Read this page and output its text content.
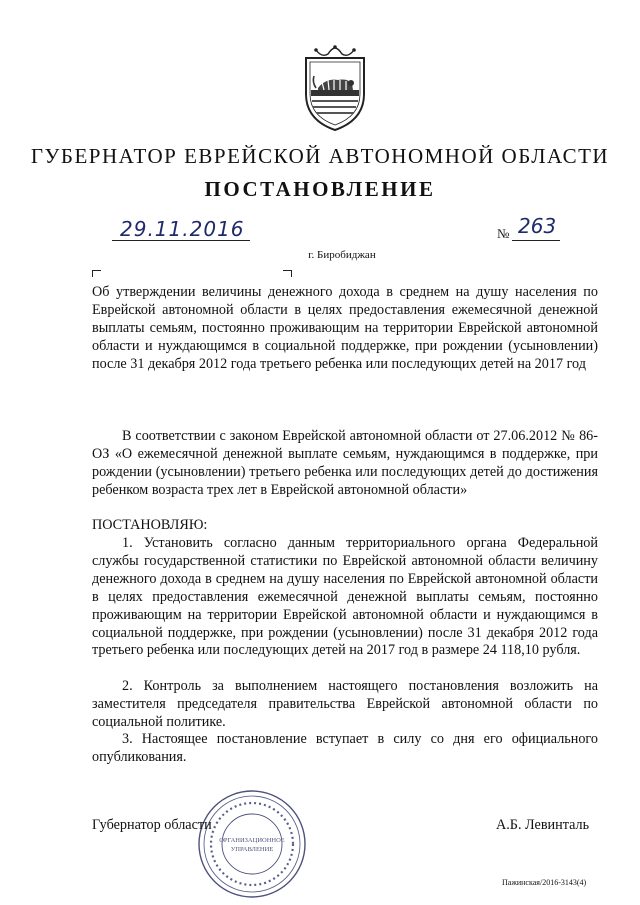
ГУБЕРНАТОР ЕВРЕЙСКОЙ АВТОНОМНОЙ ОБЛАСТИ
ПОСТАНОВЛЕНИЕ
29.11.2016	№ 263
г. Биробиджан
Об утверждении величины денежного дохода в среднем на душу населения по Еврейской автономной области в целях предоставления ежемесячной денежной выплаты семьям, постоянно проживающим на территории Еврейской автономной области и нуждающимся в социальной поддержке, при рождении (усыновлении) после 31 декабря 2012 года третьего ребенка или последующих детей на 2017 год
В соответствии с законом Еврейской автономной области от 27.06.2012 № 86-ОЗ «О ежемесячной денежной выплате семьям, нуждающимся в поддержке, при рождении (усыновлении) третьего ребенка или последующих детей до достижения ребенком возраста трех лет в Еврейской автономной области»
ПОСТАНОВЛЯЮ:
1. Установить согласно данным территориального органа Федеральной службы государственной статистики по Еврейской автономной области величину денежного дохода в среднем на душу населения по Еврейской автономной области в целях предоставления ежемесячной денежной выплаты семьям, постоянно проживающим на территории Еврейской автономной области и нуждающимся в социальной поддержке, при рождении (усыновлении) после 31 декабря 2012 года третьего ребенка или последующих детей на 2017 год в размере 24 118,10 рубля.
2. Контроль за выполнением настоящего постановления возложить на заместителя председателя правительства Еврейской автономной области по социальной политике.
3. Настоящее постановление вступает в силу со дня его официального опубликования.
ОРГАНИЗАЦИОННОЕ
УПРАВЛЕНИЕ
Губернатор области	А.Б. Левинталь
Пажинская/2016-3143(4)
